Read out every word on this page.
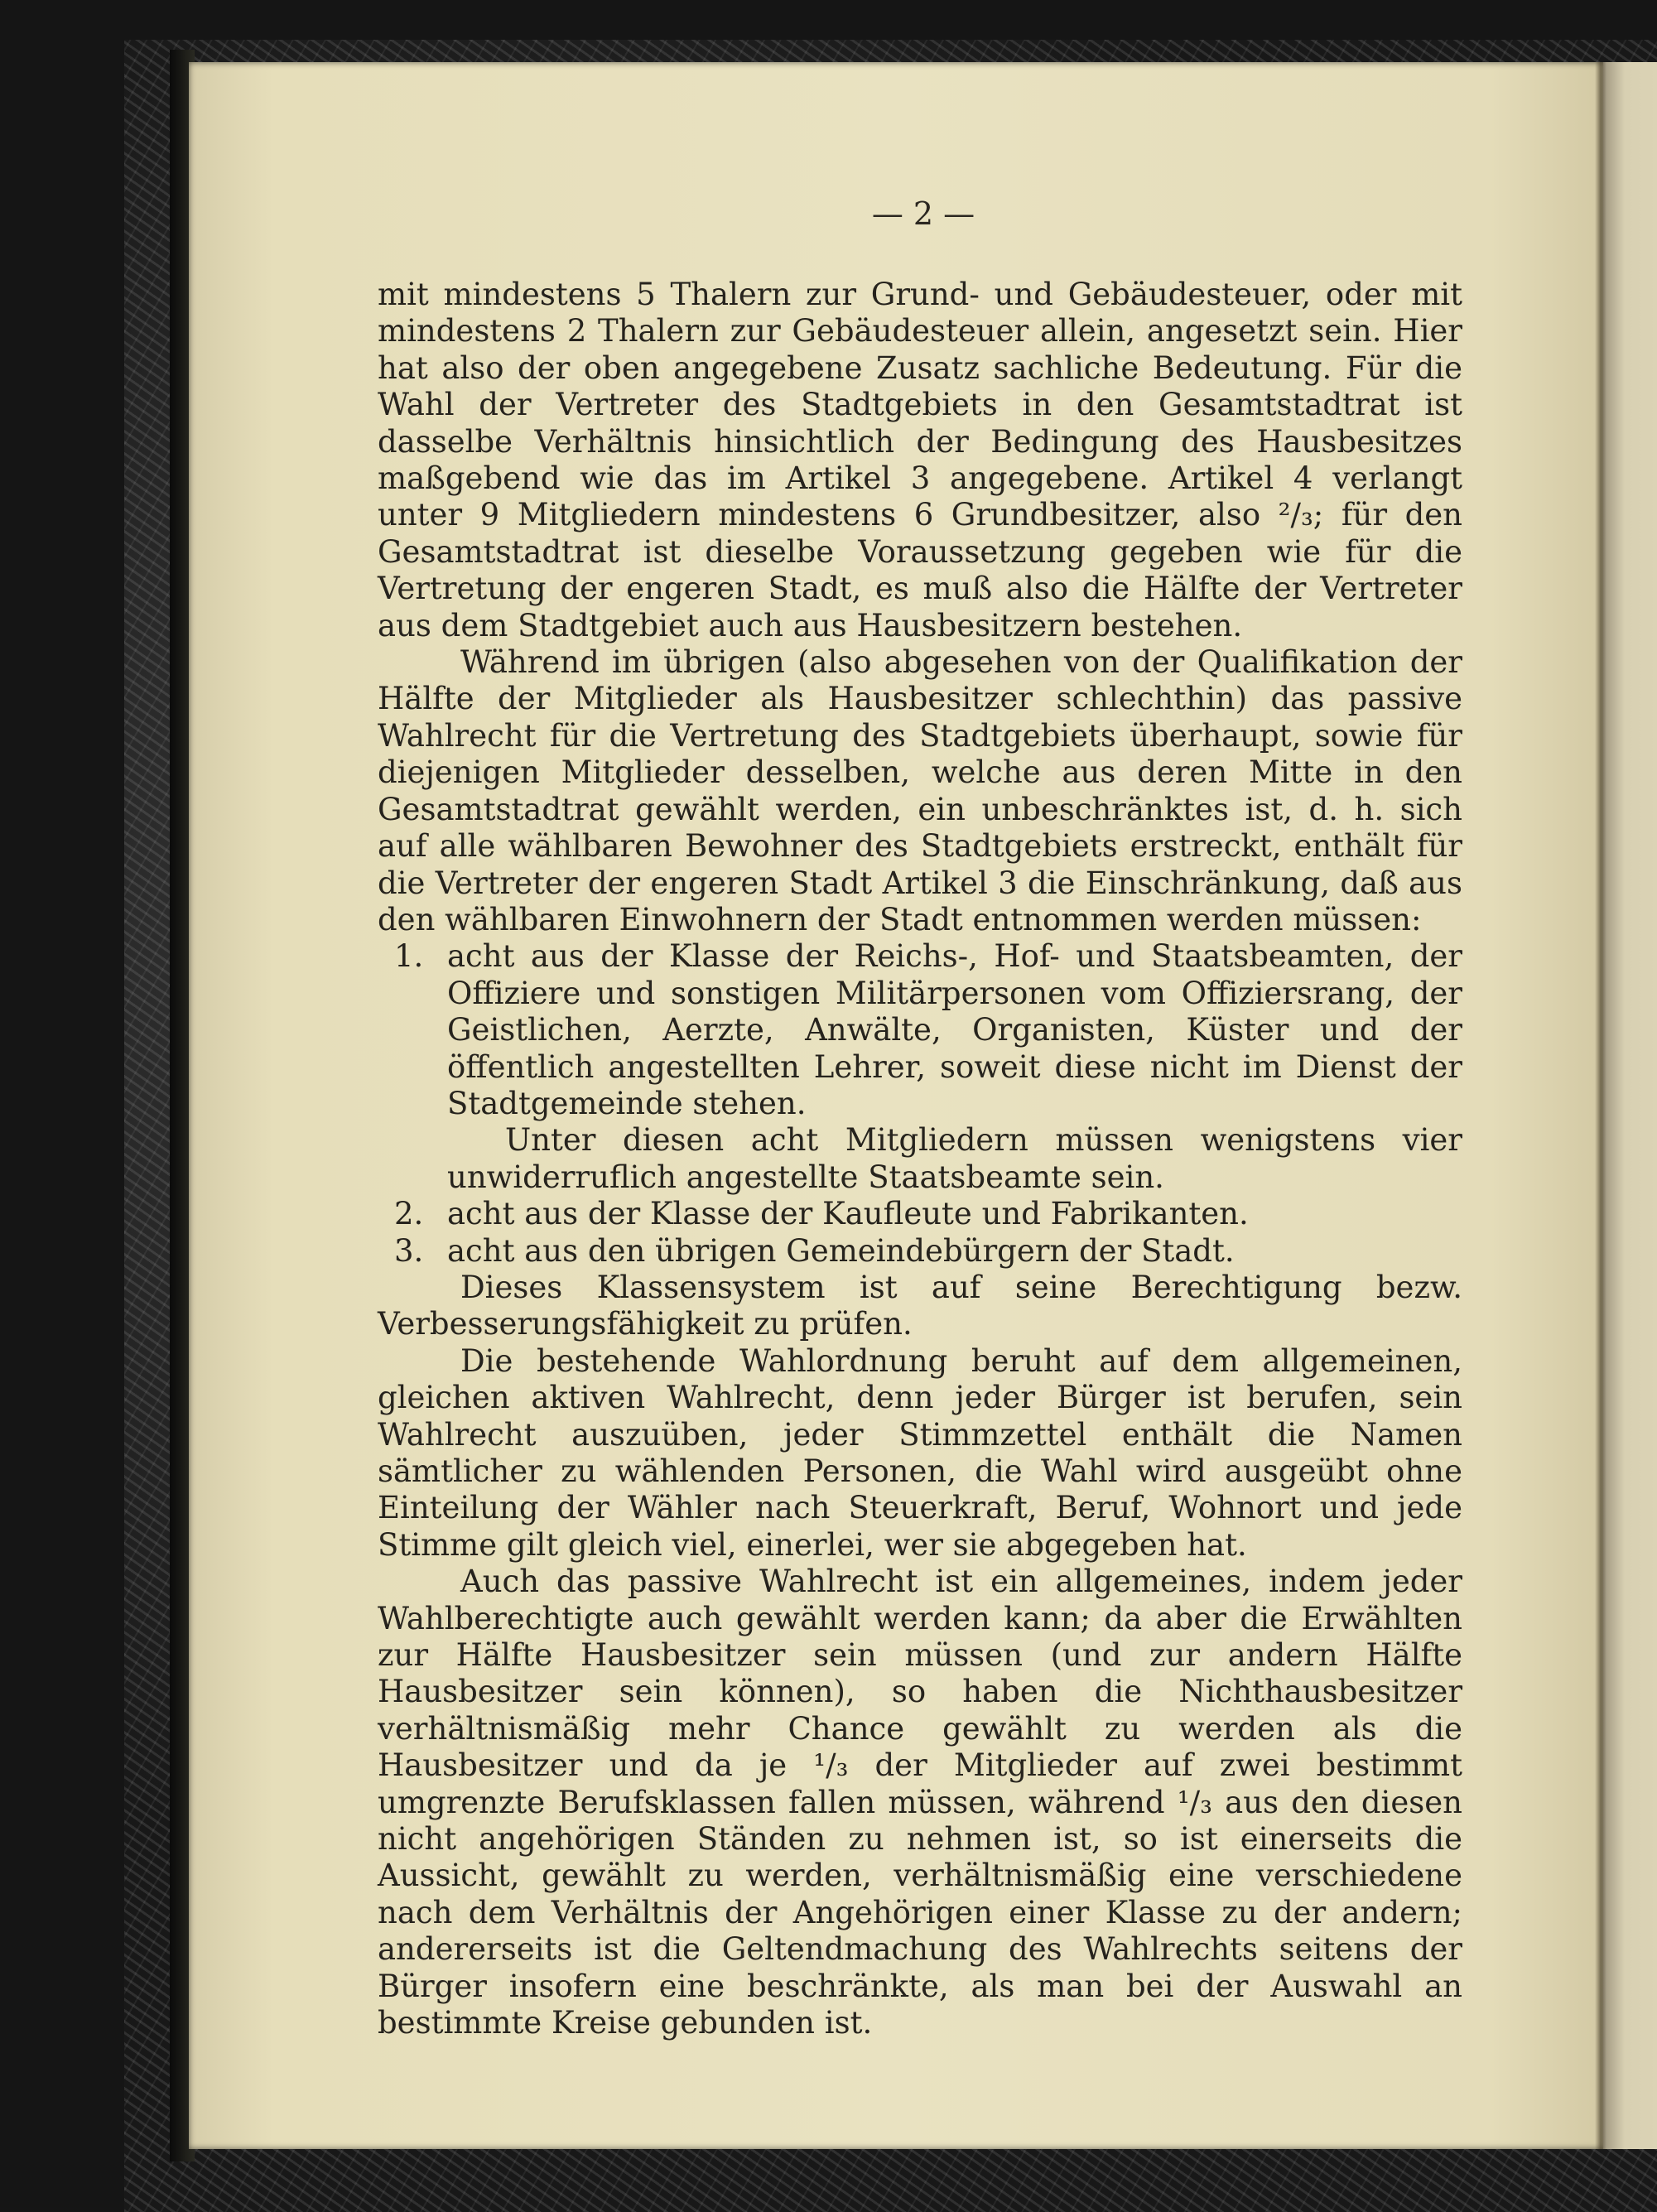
— 2 —

mit mindestens 5 Thalern zur Grund- und Gebäudesteuer, oder mit mindestens 2 Thalern zur Gebäudesteuer allein, angesetzt sein. Hier hat also der oben angegebene Zusatz sachliche Bedeutung. Für die Wahl der Vertreter des Stadtgebiets in den Gesamtstadtrat ist dasselbe Verhältnis hinsichtlich der Bedingung des Hausbesitzes maßgebend wie das im Artikel 3 angegebene. Artikel 4 verlangt unter 9 Mitgliedern mindestens 6 Grundbesitzer, also ²/₃; für den Gesamtstadtrat ist dieselbe Voraussetzung gegeben wie für die Vertretung der engeren Stadt, es muß also die Hälfte der Vertreter aus dem Stadtgebiet auch aus Hausbesitzern bestehen.

Während im übrigen (also abgesehen von der Qualifikation der Hälfte der Mitglieder als Hausbesitzer schlechthin) das passive Wahlrecht für die Vertretung des Stadtgebiets überhaupt, sowie für diejenigen Mitglieder desselben, welche aus deren Mitte in den Gesamtstadtrat gewählt werden, ein unbeschränktes ist, d. h. sich auf alle wählbaren Bewohner des Stadtgebiets erstreckt, enthält für die Vertreter der engeren Stadt Artikel 3 die Einschränkung, daß aus den wählbaren Einwohnern der Stadt entnommen werden müssen:

1. acht aus der Klasse der Reichs-, Hof- und Staatsbeamten, der Offiziere und sonstigen Militärpersonen vom Offiziersrang, der Geistlichen, Aerzte, Anwälte, Organisten, Küster und der öffentlich angestellten Lehrer, soweit diese nicht im Dienst der Stadtgemeinde stehen.

Unter diesen acht Mitgliedern müssen wenigstens vier unwiderruflich angestellte Staatsbeamte sein.

2. acht aus der Klasse der Kaufleute und Fabrikanten.
3. acht aus den übrigen Gemeindebürgern der Stadt.

Dieses Klassensystem ist auf seine Berechtigung bezw. Verbesserungsfähigkeit zu prüfen.

Die bestehende Wahlordnung beruht auf dem allgemeinen, gleichen aktiven Wahlrecht, denn jeder Bürger ist berufen, sein Wahlrecht auszuüben, jeder Stimmzettel enthält die Namen sämtlicher zu wählenden Personen, die Wahl wird ausgeübt ohne Einteilung der Wähler nach Steuerkraft, Beruf, Wohnort und jede Stimme gilt gleich viel, einerlei, wer sie abgegeben hat.

Auch das passive Wahlrecht ist ein allgemeines, indem jeder Wahlberechtigte auch gewählt werden kann; da aber die Erwählten zur Hälfte Hausbesitzer sein müssen (und zur andern Hälfte Hausbesitzer sein können), so haben die Nichthausbesitzer verhältnismäßig mehr Chance gewählt zu werden als die Hausbesitzer und da je ¹/₃ der Mitglieder auf zwei bestimmt umgrenzte Berufsklassen fallen müssen, während ¹/₃ aus den diesen nicht angehörigen Ständen zu nehmen ist, so ist einerseits die Aussicht, gewählt zu werden, verhältnismäßig eine verschiedene nach dem Verhältnis der Angehörigen einer Klasse zu der andern; andererseits ist die Geltendmachung des Wahlrechts seitens der Bürger insofern eine beschränkte, als man bei der Auswahl an bestimmte Kreise gebunden ist.
